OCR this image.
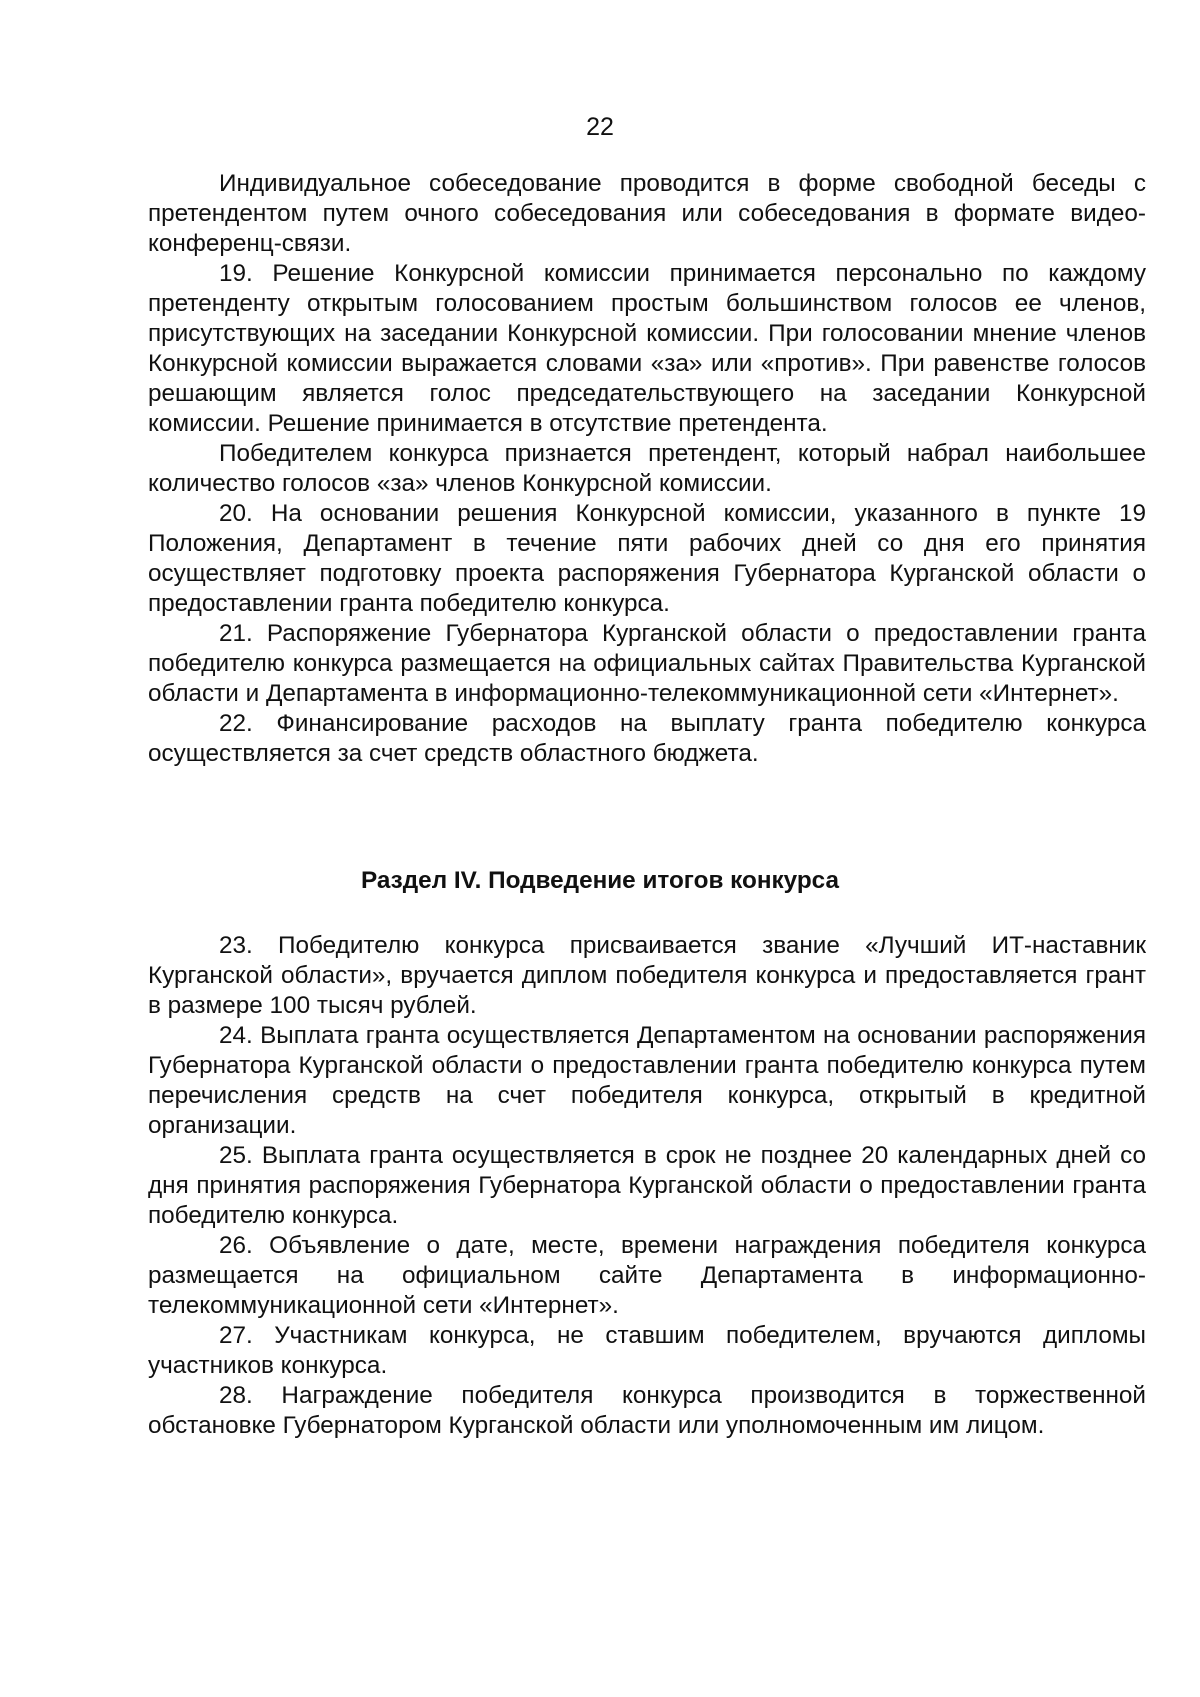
22

Индивидуальное собеседование проводится в форме свободной беседы с претендентом путем очного собеседования или собеседования в формате видео-конференц-связи.

19. Решение Конкурсной комиссии принимается персонально по каждому претенденту открытым голосованием простым большинством голосов ее членов, присутствующих на заседании Конкурсной комиссии. При голосовании мнение членов Конкурсной комиссии выражается словами «за» или «против». При равенстве голосов решающим является голос председательствующего на заседании Конкурсной комиссии. Решение принимается в отсутствие претендента.

Победителем конкурса признается претендент, который набрал наибольшее количество голосов «за» членов Конкурсной комиссии.

20. На основании решения Конкурсной комиссии, указанного в пункте 19 Положения, Департамент в течение пяти рабочих дней со дня его принятия осуществляет подготовку проекта распоряжения Губернатора Курганской области о предоставлении гранта победителю конкурса.

21. Распоряжение Губернатора Курганской области о предоставлении гранта победителю конкурса размещается на официальных сайтах Правительства Курганской области и Департамента в информационно-телекоммуникационной сети «Интернет».

22. Финансирование расходов на выплату гранта победителю конкурса осуществляется за счет средств областного бюджета.

Раздел IV. Подведение итогов конкурса

23. Победителю конкурса присваивается звание «Лучший ИТ-наставник Курганской области», вручается диплом победителя конкурса и предоставляется грант в размере 100 тысяч рублей.

24. Выплата гранта осуществляется Департаментом на основании распоряжения Губернатора Курганской области о предоставлении гранта победителю конкурса путем перечисления средств на счет победителя конкурса, открытый в кредитной организации.

25. Выплата гранта осуществляется в срок не позднее 20 календарных дней со дня принятия распоряжения Губернатора Курганской области о предоставлении гранта победителю конкурса.

26. Объявление о дате, месте, времени награждения победителя конкурса размещается на официальном сайте Департамента в информационно-телекоммуникационной сети «Интернет».

27. Участникам конкурса, не ставшим победителем, вручаются дипломы участников конкурса.

28. Награждение победителя конкурса производится в торжественной обстановке Губернатором Курганской области или уполномоченным им лицом.
